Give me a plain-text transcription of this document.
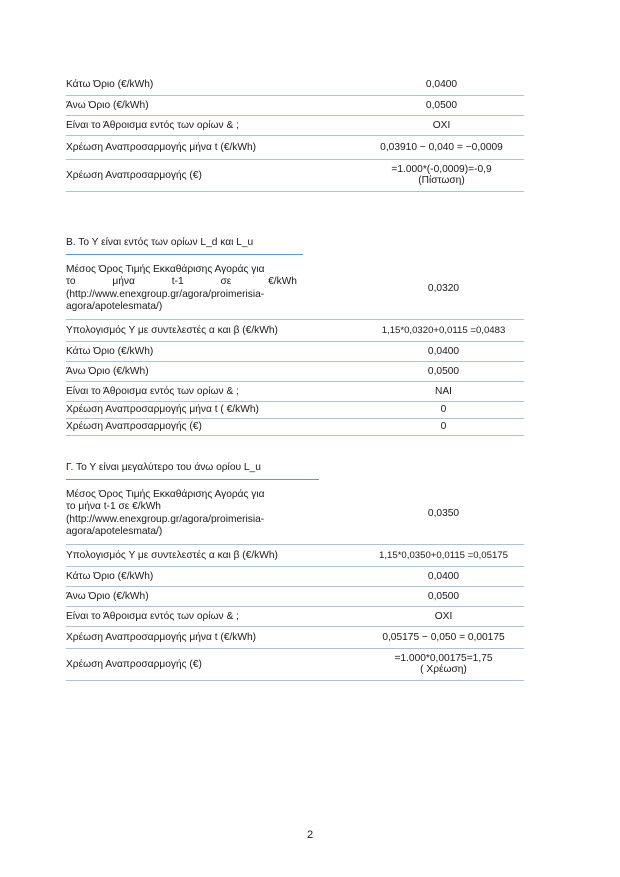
Κάτω Όριο (€/kWh)	0,0400
Άνω Όριο (€/kWh)	0,0500
Είναι το Άθροισμα εντός των ορίων & ;	ΟΧΙ
Χρέωση Αναπροσαρμογής μήνα t (€/kWh)	0,03910 − 0,040 = −0,0009
Χρέωση Αναπροσαρμογής (€)	=1.000*(-0,0009)=-0,9
(Πίστωση)
Β. Το Υ είναι εντός των ορίων L_d και L_u
Μέσος Όρος Τιμής Εκκαθάρισης Αγοράς για
το μήνα t-1 σε €/kWh
(http://www.enexgroup.gr/agora/proimerisia-
agora/apotelesmata/)	0,0320
Υπολογισμός Υ με συντελεστές α και β (€/kWh)	1,15*0,0320+0,0115 =0,0483
Κάτω Όριο (€/kWh)	0,0400
Άνω Όριο (€/kWh)	0,0500
Είναι το Άθροισμα εντός των ορίων & ;	ΝΑΙ
Χρέωση Αναπροσαρμογής μήνα t ( €/kWh)	0
Χρέωση Αναπροσαρμογής (€)	0
Γ. Το Υ είναι μεγαλύτερο του άνω ορίου L_u
Μέσος Όρος Τιμής Εκκαθάρισης Αγοράς για
το μήνα t-1 σε €/kWh
(http://www.enexgroup.gr/agora/proimerisia-
agora/apotelesmata/)	0,0350
Υπολογισμός Υ με συντελεστές α και β (€/kWh)	1,15*0,0350+0,0115 =0,05175
Κάτω Όριο (€/kWh)	0,0400
Άνω Όριο (€/kWh)	0,0500
Είναι το Άθροισμα εντός των ορίων & ;	ΟΧΙ
Χρέωση Αναπροσαρμογής μήνα t (€/kWh)	0,05175 − 0,050 = 0,00175
Χρέωση Αναπροσαρμογής (€)	=1.000*0,00175=1,75
( Χρέωση)
2
